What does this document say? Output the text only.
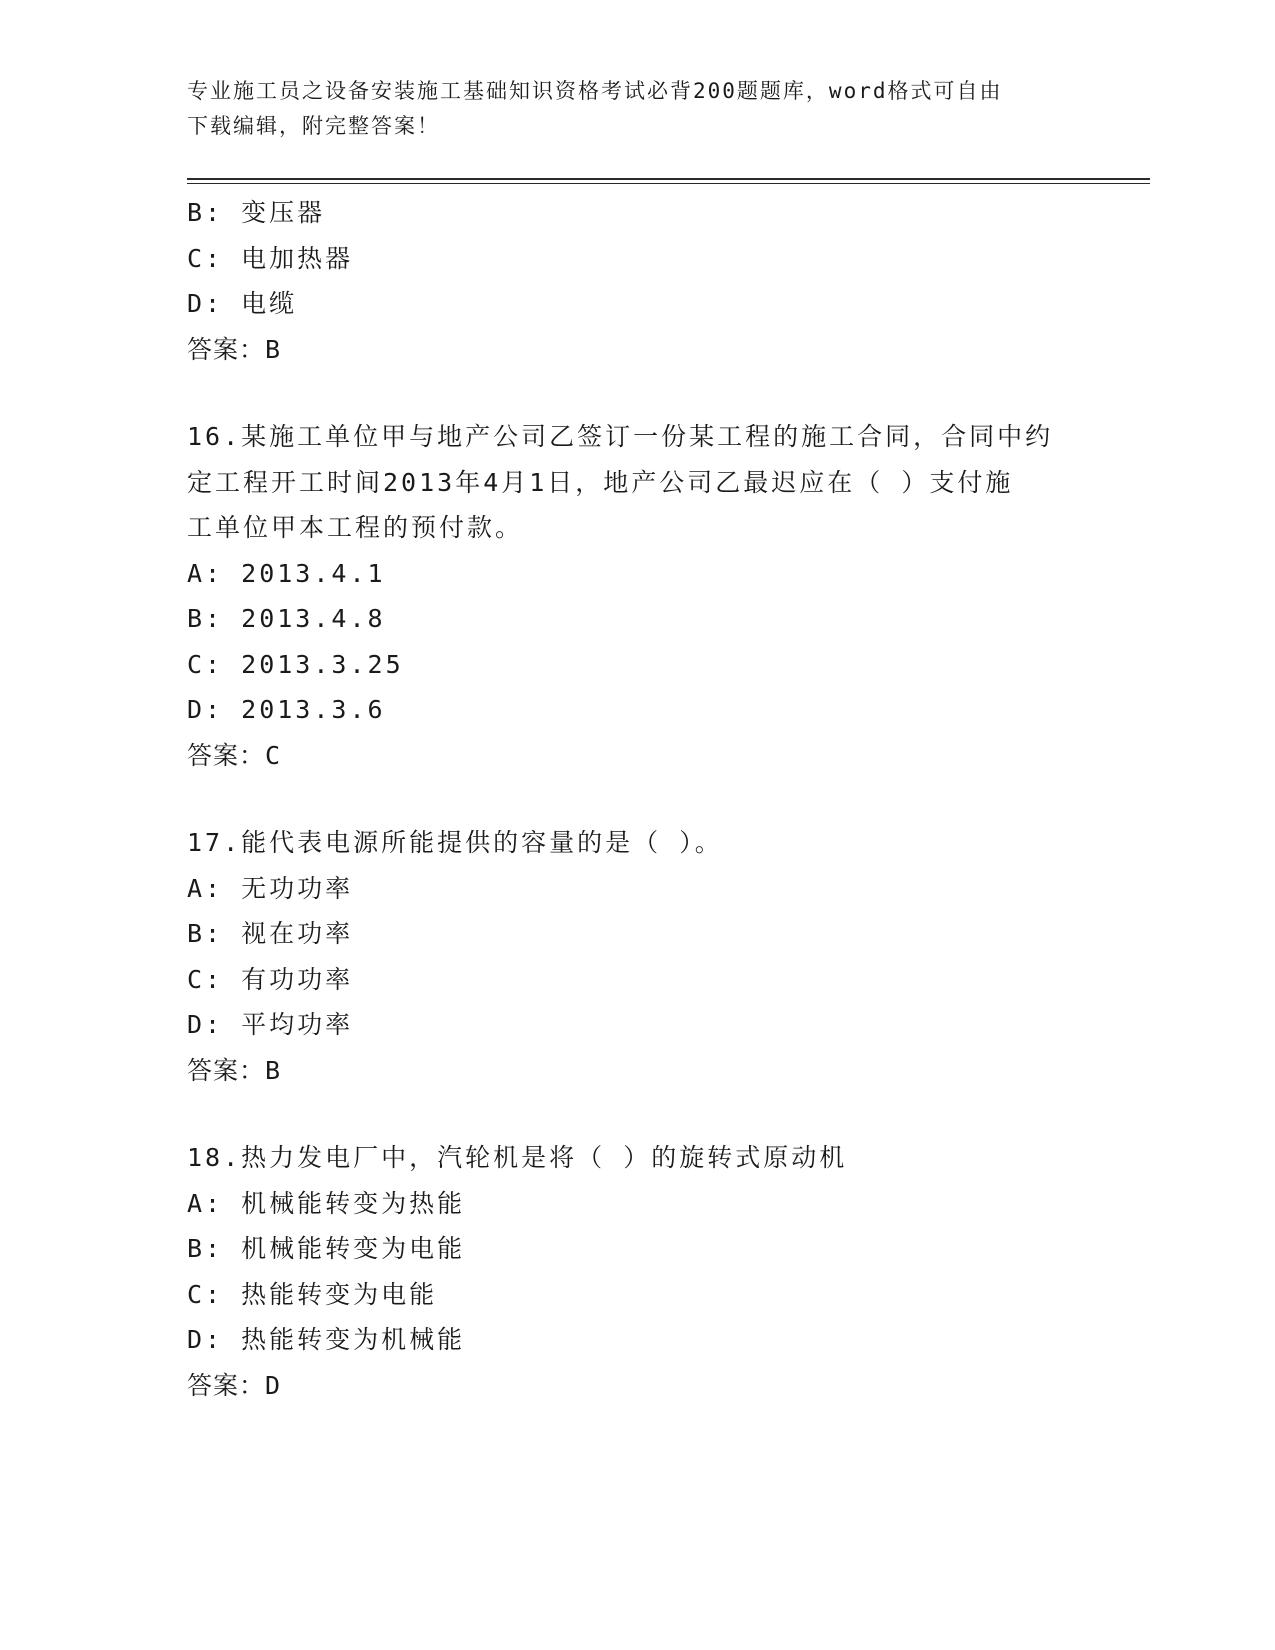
专业施工员之设备安装施工基础知识资格考试必背200题题库，word格式可自由
下载编辑，附完整答案！
B: 变压器
C: 电加热器
D: 电缆
答案：B
16.某施工单位甲与地产公司乙签订一份某工程的施工合同，合同中约
定工程开工时间2013年4月1日，地产公司乙最迟应在（ ）支付施
工单位甲本工程的预付款。
A: 2013.4.1
B: 2013.4.8
C: 2013.3.25
D: 2013.3.6
答案：C
17.能代表电源所能提供的容量的是（ ）。
A: 无功功率
B: 视在功率
C: 有功功率
D: 平均功率
答案：B
18.热力发电厂中，汽轮机是将（ ）的旋转式原动机
A: 机械能转变为热能
B: 机械能转变为电能
C: 热能转变为电能
D: 热能转变为机械能
答案：D
